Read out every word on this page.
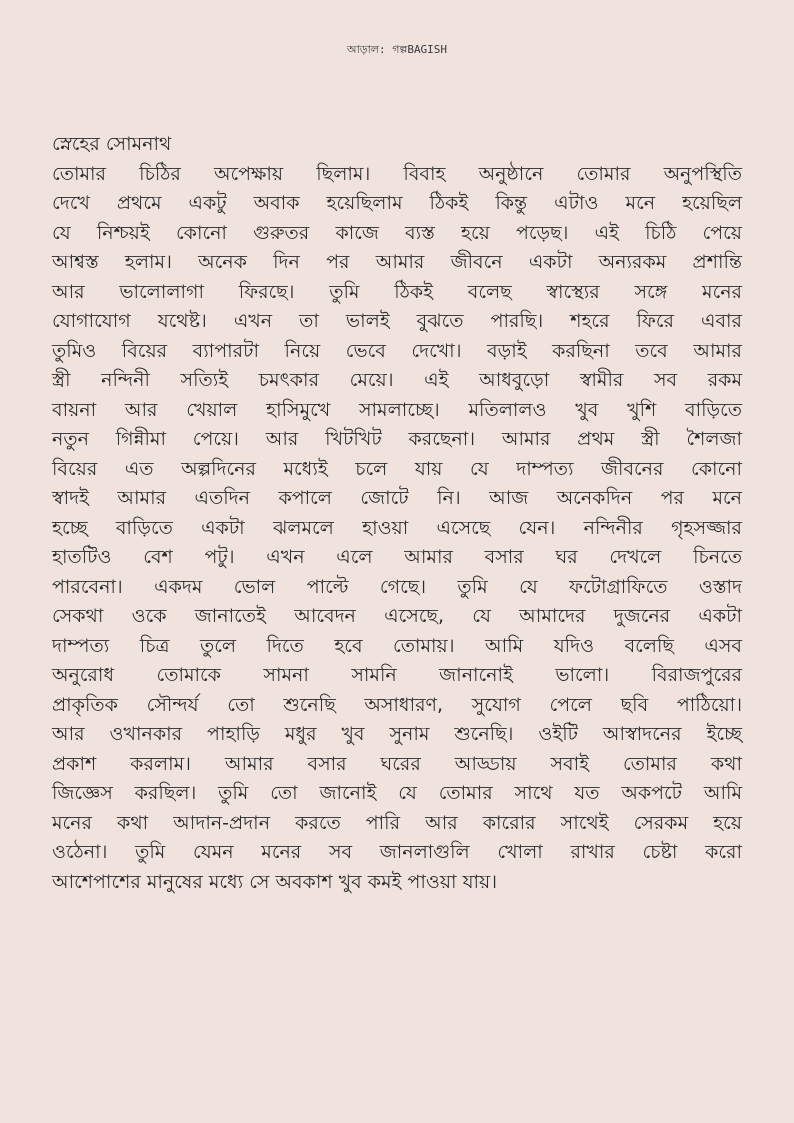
আড়াল: গল্পBAGISH
স্নেহের সোমনাথ
তোমার চিঠির অপেক্ষায় ছিলাম। বিবাহ অনুষ্ঠানে তোমার অনুপস্থিতি
দেখে প্রথমে একটু অবাক হয়েছিলাম ঠিকই কিন্তু এটাও মনে হয়েছিল
যে নিশ্চয়ই কোনো গুরুতর কাজে ব্যস্ত হয়ে পড়েছ। এই চিঠি পেয়ে
আশ্বস্ত হলাম। অনেক দিন পর আমার জীবনে একটা অন্যরকম প্রশান্তি
আর ভালোলাগা ফিরছে। তুমি ঠিকই বলেছ স্বাস্থ্যের সঙ্গে মনের
যোগাযোগ যথেষ্ট। এখন তা ভালই বুঝতে পারছি। শহরে ফিরে এবার
তুমিও বিয়ের ব্যাপারটা নিয়ে ভেবে দেখো। বড়াই করছিনা তবে আমার
স্ত্রী নন্দিনী সত্যিই চমৎকার মেয়ে। এই আধবুড়ো স্বামীর সব রকম
বায়না আর খেয়াল হাসিমুখে সামলাচ্ছে। মতিলালও খুব খুশি বাড়িতে
নতুন গিন্নীমা পেয়ে। আর খিটখিট করছেনা। আমার প্রথম স্ত্রী শৈলজা
বিয়ের এত অল্পদিনের মধ্যেই চলে যায় যে দাম্পত্য জীবনের কোনো
স্বাদই আমার এতদিন কপালে জোটে নি। আজ অনেকদিন পর মনে
হচ্ছে বাড়িতে একটা ঝলমলে হাওয়া এসেছে যেন। নন্দিনীর গৃহসজ্জার
হাতটিও বেশ পটু। এখন এলে আমার বসার ঘর দেখলে চিনতে
পারবেনা। একদম ভোল পাল্টে গেছে। তুমি যে ফটোগ্রাফিতে ওস্তাদ
সেকথা ওকে জানাতেই আবেদন এসেছে, যে আমাদের দুজনের একটা
দাম্পত্য চিত্র তুলে দিতে হবে তোমায়। আমি যদিও বলেছি এসব
অনুরোধ তোমাকে সামনা সামনি জানানোই ভালো। বিরাজপুরের
প্রাকৃতিক সৌন্দর্য তো শুনেছি অসাধারণ, সুযোগ পেলে ছবি পাঠিয়ো।
আর ওখানকার পাহাড়ি মধুর খুব সুনাম শুনেছি। ওইটি আস্বাদনের ইচ্ছে
প্রকাশ করলাম। আমার বসার ঘরের আড্ডায় সবাই তোমার কথা
জিজ্ঞেস করছিল। তুমি তো জানোই যে তোমার সাথে যত অকপটে আমি
মনের কথা আদান-প্রদান করতে পারি আর কারোর সাথেই সেরকম হয়ে
ওঠেনা। তুমি যেমন মনের সব জানলাগুলি খোলা রাখার চেষ্টা করো
আশেপাশের মানুষের মধ্যে সে অবকাশ খুব কমই পাওয়া যায়।
